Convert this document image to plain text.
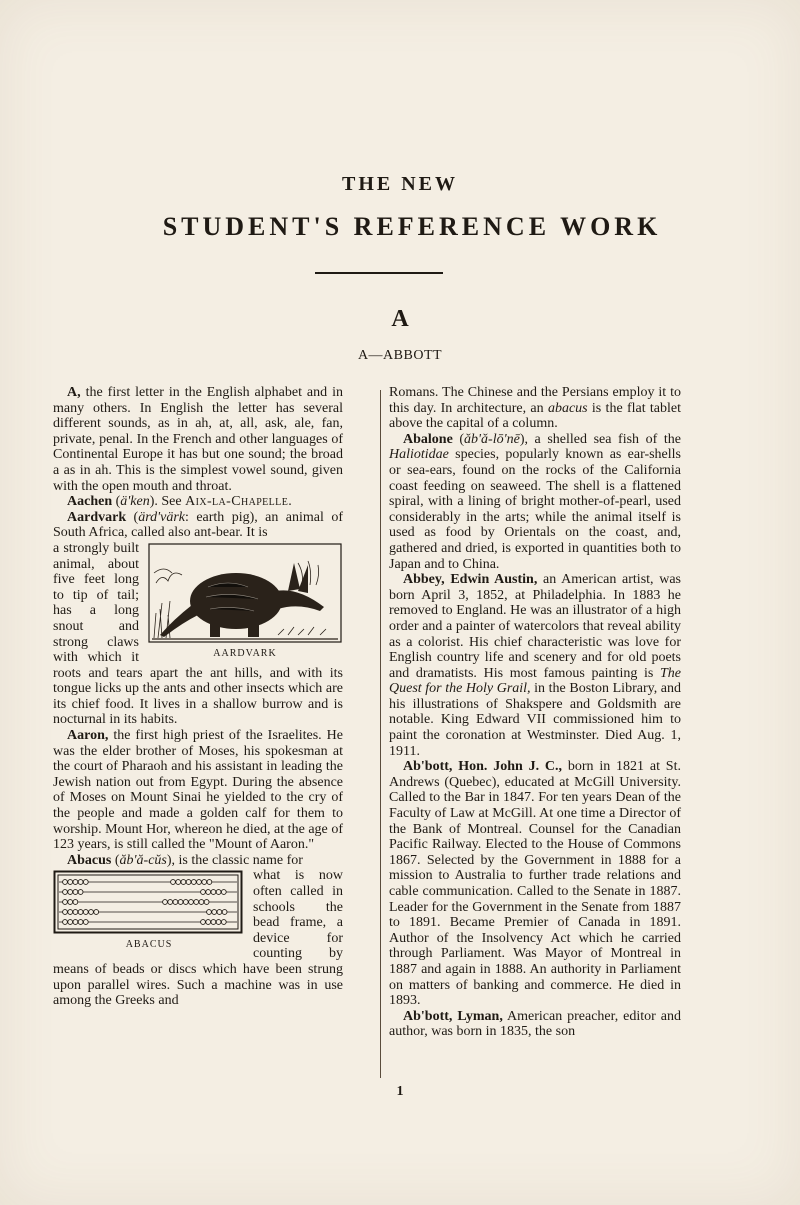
THE NEW
STUDENT'S REFERENCE WORK
A
A—ABBOTT

A, the first letter in the English alphabet and in many others. In English the letter has several different sounds, as in ah, at, all, ask, ale, fan, private, penal. In the French and other languages of Continental Europe it has but one sound; the broad a as in ah. This is the simplest vowel sound, given with the open mouth and throat.

Aachen (ä'ken). See Aix-la-Chapelle.

Aardvark (ärd'värk: earth pig), an animal of South Africa, called also ant-bear. It is

AARDVARK
a strongly built animal, about five feet long to tip of tail; has a long snout and strong claws with which it roots and tears apart the ant hills, and with its tongue licks up the ants and other insects which are its chief food. It lives in a shallow burrow and is nocturnal in its habits.

Aaron, the first high priest of the Israelites. He was the elder brother of Moses, his spokesman at the court of Pharaoh and his assistant in leading the Jewish nation out from Egypt. During the absence of Moses on Mount Sinai he yielded to the cry of the people and made a golden calf for them to worship. Mount Hor, whereon he died, at the age of 123 years, is still called the "Mount of Aaron."

Abacus (ăb'ă-cŭs), is the classic name for

ABACUS
what is now often called in schools the bead frame, a device for counting by means of beads or discs which have been strung upon parallel wires. Such a machine was in use among the Greeks and

Romans. The Chinese and the Persians employ it to this day. In architecture, an abacus is the flat tablet above the capital of a column.

Abalone (ăb'ă-lō'nē), a shelled sea fish of the Haliotidae species, popularly known as ear-shells or sea-ears, found on the rocks of the California coast feeding on seaweed. The shell is a flattened spiral, with a lining of bright mother-of-pearl, used considerably in the arts; while the animal itself is used as food by Orientals on the coast, and, gathered and dried, is exported in quantities both to Japan and to China.

Abbey, Edwin Austin, an American artist, was born April 3, 1852, at Philadelphia. In 1883 he removed to England. He was an illustrator of a high order and a painter of watercolors that reveal ability as a colorist. His chief characteristic was love for English country life and scenery and for old poets and dramatists. His most famous painting is The Quest for the Holy Grail, in the Boston Library, and his illustrations of Shakspere and Goldsmith are notable. King Edward VII commissioned him to paint the coronation at Westminster. Died Aug. 1, 1911.

Ab'bott, Hon. John J. C., born in 1821 at St. Andrews (Quebec), educated at McGill University. Called to the Bar in 1847. For ten years Dean of the Faculty of Law at McGill. At one time a Director of the Bank of Montreal. Counsel for the Canadian Pacific Railway. Elected to the House of Commons 1867. Selected by the Government in 1888 for a mission to Australia to further trade relations and cable communication. Called to the Senate in 1887. Leader for the Government in the Senate from 1887 to 1891. Became Premier of Canada in 1891. Author of the Insolvency Act which he carried through Parliament. Was Mayor of Montreal in 1887 and again in 1888. An authority in Parliament on matters of banking and commerce. He died in 1893.

Ab'bott, Lyman, American preacher, editor and author, was born in 1835, the son

1
